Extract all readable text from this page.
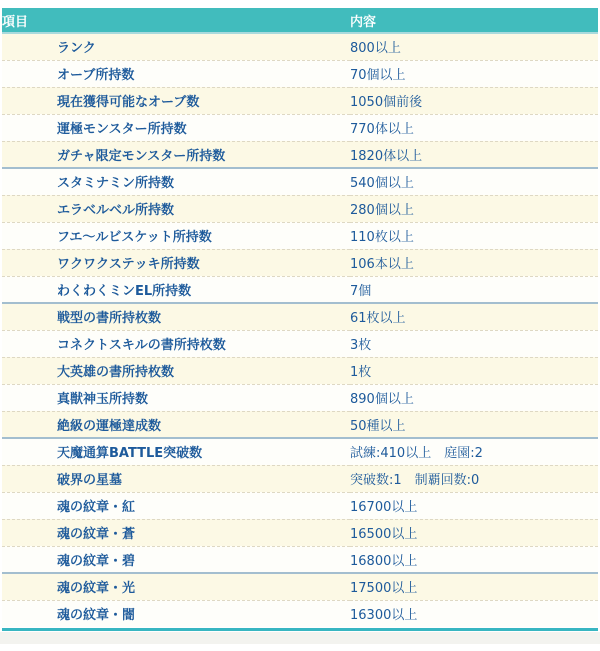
項目	内容
ランク	800以上
オーブ所持数	70個以上
現在獲得可能なオーブ数	1050個前後
運極モンスター所持数	770体以上
ガチャ限定モンスター所持数	1820体以上
スタミナミン所持数	540個以上
エラベルベル所持数	280個以上
フエ〜ルビスケット所持数	110枚以上
ワクワクステッキ所持数	106本以上
わくわくミンEL所持数	7個
戦型の書所持枚数	61枚以上
コネクトスキルの書所持枚数	3枚
大英雄の書所持枚数	1枚
真獣神玉所持数	890個以上
絶級の運極達成数	50種以上
天魔通算BATTLE突破数	試練:410以上　庭園:2
破界の星墓	突破数:1　制覇回数:0
魂の紋章・紅	16700以上
魂の紋章・蒼	16500以上
魂の紋章・碧	16800以上
魂の紋章・光	17500以上
魂の紋章・闇	16300以上
